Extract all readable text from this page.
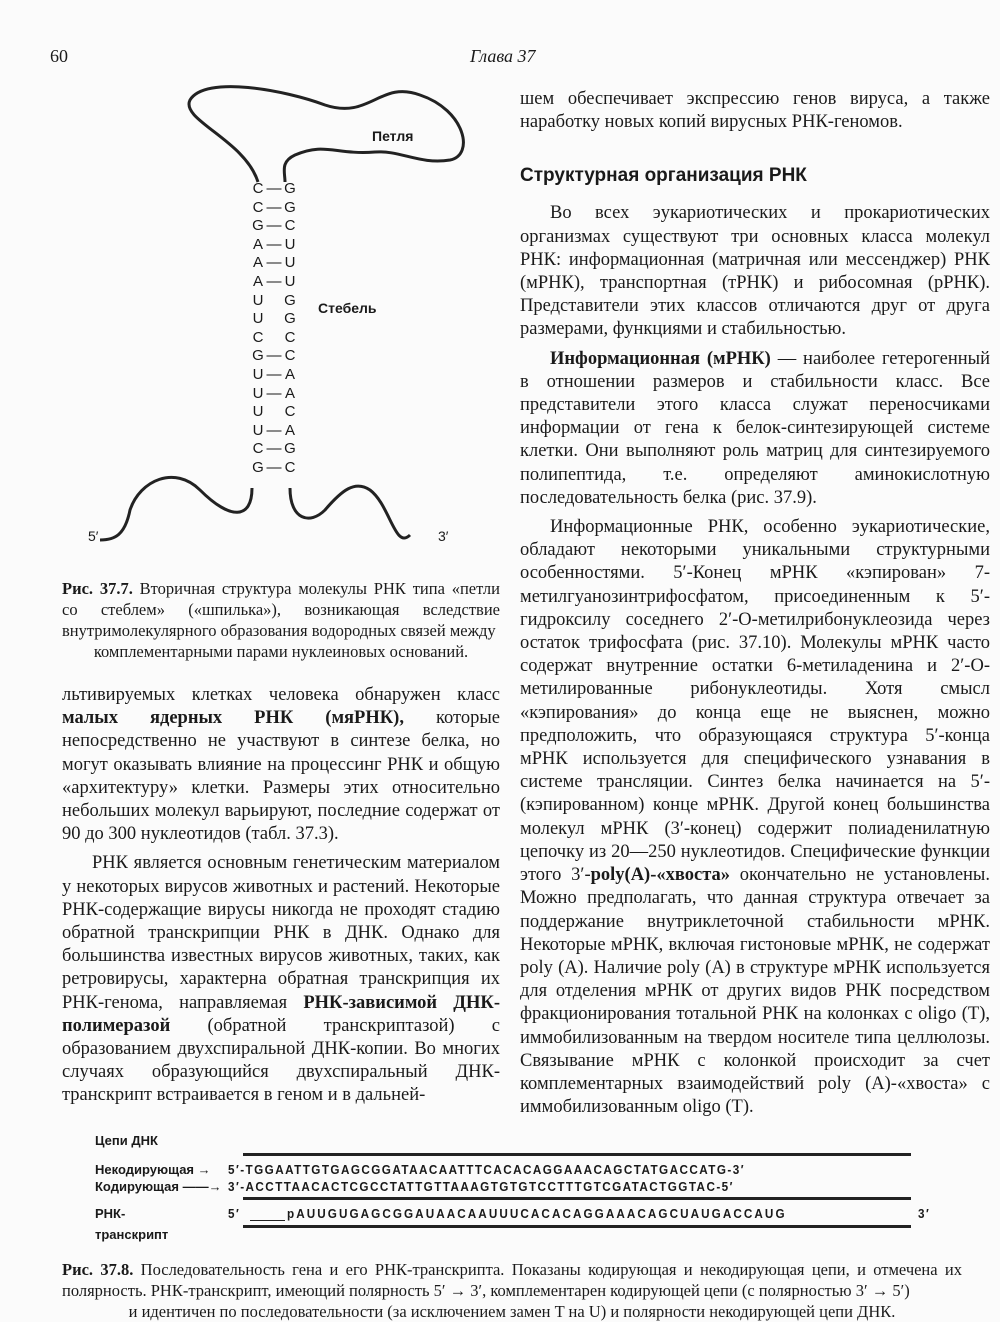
60	Глава 37
Петля
Стебель
5′	3′
C — G
C — G
G — C
A — U
A — U
A — U
U G
U G
C C
G — C
U — A
U — A
U C
U — A
C — G
G — C
Рис. 37.7. Вторичная структура молекулы РНК типа «петли со стеблем» («шпилька»), возникающая вследствие внутримолекулярного образования водородных связей между
комплементарными парами нуклеиновых оснований.

льтивируемых клетках человека обнаружен класс малых ядерных РНК (мяРНК), которые непосредственно не участвуют в синтезе белка, но могут оказывать влияние на процессинг РНК и общую «архитектуру» клетки. Размеры этих относительно небольших молекул варьируют, последние содержат от 90 до 300 нуклеотидов (табл. 37.3).

РНК является основным генетическим материалом у некоторых вирусов животных и растений. Некоторые РНК-содержащие вирусы никогда не проходят стадию обратной транскрипции РНК в ДНК. Однако для большинства известных вирусов животных, таких, как ретровирусы, характерна обратная транскрипция их РНК-генома, направляемая РНК-зависимой ДНК-полимеразой (обратной транскриптазой) с образованием двухспиральной ДНК-копии. Во многих случаях образующийся двухспиральный ДНК-транскрипт встраивается в геном и в дальней-

шем обеспечивает экспрессию генов вируса, а также наработку новых копий вирусных РНК-геномов.

Структурная организация РНК

Во всех эукариотических и прокариотических организмах существуют три основных класса молекул РНК: информационная (матричная или мессенджер) РНК (мРНК), транспортная (тРНК) и рибосомная (рРНК). Представители этих классов отличаются друг от друга размерами, функциями и стабильностью.

Информационная (мРНК) — наиболее гетерогенный в отношении размеров и стабильности класс. Все представители этого класса служат переносчиками информации от гена к белок-синтезирующей системе клетки. Они выполняют роль матриц для синтезируемого полипептида, т.е. определяют аминокислотную последовательность белка (рис. 37.9).

Информационные РНК, особенно эукариотические, обладают некоторыми уникальными структурными особенностями. 5′-Конец мРНК «кэпирован» 7-метилгуанозинтрифосфатом, присоединенным к 5′-гидроксилу соседнего 2′-О-метилрибонуклеозида через остаток трифосфата (рис. 37.10). Молекулы мРНК часто содержат внутренние остатки 6-метиладенина и 2′-О-метилированные рибонуклеотиды. Хотя смысл «кэпирования» до конца еще не выяснен, можно предположить, что образующаяся структура 5′-конца мРНК используется для специфического узнавания в системе трансляции. Синтез белка начинается на 5′-(кэпированном) конце мРНК. Другой конец большинства молекул мРНК (3′-конец) содержит полиаденилатную цепочку из 20—250 нуклеотидов. Специфические функции этого 3′-poly(A)-«хвоста» окончательно не установлены. Можно предполагать, что данная структура отвечает за поддержание внутриклеточной стабильности мРНК. Некоторые мРНК, включая гистоновые мРНК, не содержат poly (A). Наличие poly (A) в структуре мРНК используется для отделения мРНК от других видов РНК посредством фракционирования тотальной РНК на колонках с oligo (T), иммобилизованным на твердом носителе типа целлюлозы. Связывание мРНК с колонкой происходит за счет комплементарных взаимодействий poly (A)-«хвоста» с иммобилизованным oligo (T).

Цепи ДНК
Некодирующая → 5′-TGGAATTGTGAGCGGATAACAATTTCACACAGGAAACAGCTATGACCATG-3′
Кодирующая ——→ 3′-ACCTTAACACTCGCCTATTGTTAAAGTGTGTCCTTTGTCGATACTGGTAC-5′
РНК-
транскрипт
5′	pAUUGUGAGCGGAUAACAAUUUCACACAGGAAACAGCUAUGACCAUG	3′
Рис. 37.8. Последовательность гена и его РНК-транскрипта. Показаны кодирующая и некодирующая цепи, и отмечена их полярность. РНК-транскрипт, имеющий полярность 5′ → 3′, комплементарен кодирующей цепи (с полярностью 3′ → 5′)
и идентичен по последовательности (за исключением замен T на U) и полярности некодирующей цепи ДНК.
